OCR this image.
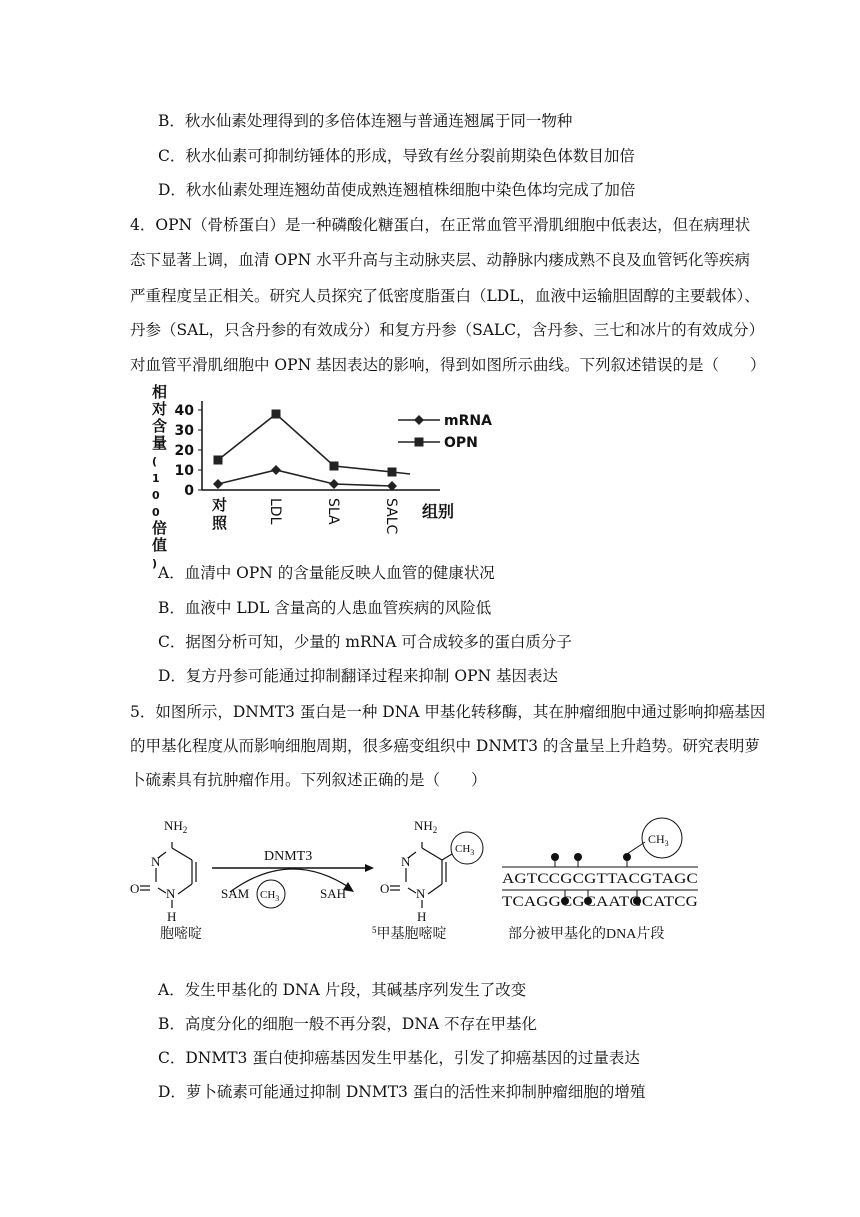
B．秋水仙素处理得到的多倍体连翘与普通连翘属于同一物种
C．秋水仙素可抑制纺锤体的形成，导致有丝分裂前期染色体数目加倍
D．秋水仙素处理连翘幼苗使成熟连翘植株细胞中染色体均完成了加倍
4．OPN（骨桥蛋白）是一种磷酸化糖蛋白，在正常血管平滑肌细胞中低表达，但在病理状
态下显著上调，血清 OPN 水平升高与主动脉夹层、动静脉内瘘成熟不良及血管钙化等疾病
严重程度呈正相关。研究人员探究了低密度脂蛋白（LDL，血液中运输胆固醇的主要载体）、
丹参（SAL，只含丹参的有效成分）和复方丹参（SALC，含丹参、三七和冰片的有效成分）
对血管平滑肌细胞中 OPN 基因表达的影响，得到如图所示曲线。下列叙述错误的是（　　）
0
10
20
30
40
相对含量( 1 0 0 倍值)
对照	LDL	SLA	SALC 组别
mRNA
OPN
A．血清中 OPN 的含量能反映人血管的健康状况
B．血液中 LDL 含量高的人患血管疾病的风险低
C．据图分析可知，少量的 mRNA 可合成较多的蛋白质分子
D．复方丹参可能通过抑制翻译过程来抑制 OPN 基因表达
5．如图所示，DNMT3 蛋白是一种 DNA 甲基化转移酶，其在肿瘤细胞中通过影响抑癌基因
的甲基化程度从而影响细胞周期，很多癌变组织中 DNMT3 的含量呈上升趋势。研究表明萝
卜硫素具有抗肿瘤作用。下列叙述正确的是（　　）
$NH_2$
N
O N
H
胞嘧啶
DNMT3
SAM $CH_3$	SAH
$CH_3$
$NH_2$
N
O N
H
$^5$甲基胞嘧啶
$CH_3$
AGTCCGCGTTACGTAGC
TCAGGCGCAATGCATCG
部分被甲基化的DNA片段
A．发生甲基化的 DNA 片段，其碱基序列发生了改变
B．高度分化的细胞一般不再分裂，DNA 不存在甲基化
C．DNMT3 蛋白使抑癌基因发生甲基化，引发了抑癌基因的过量表达
D．萝卜硫素可能通过抑制 DNMT3 蛋白的活性来抑制肿瘤细胞的增殖
